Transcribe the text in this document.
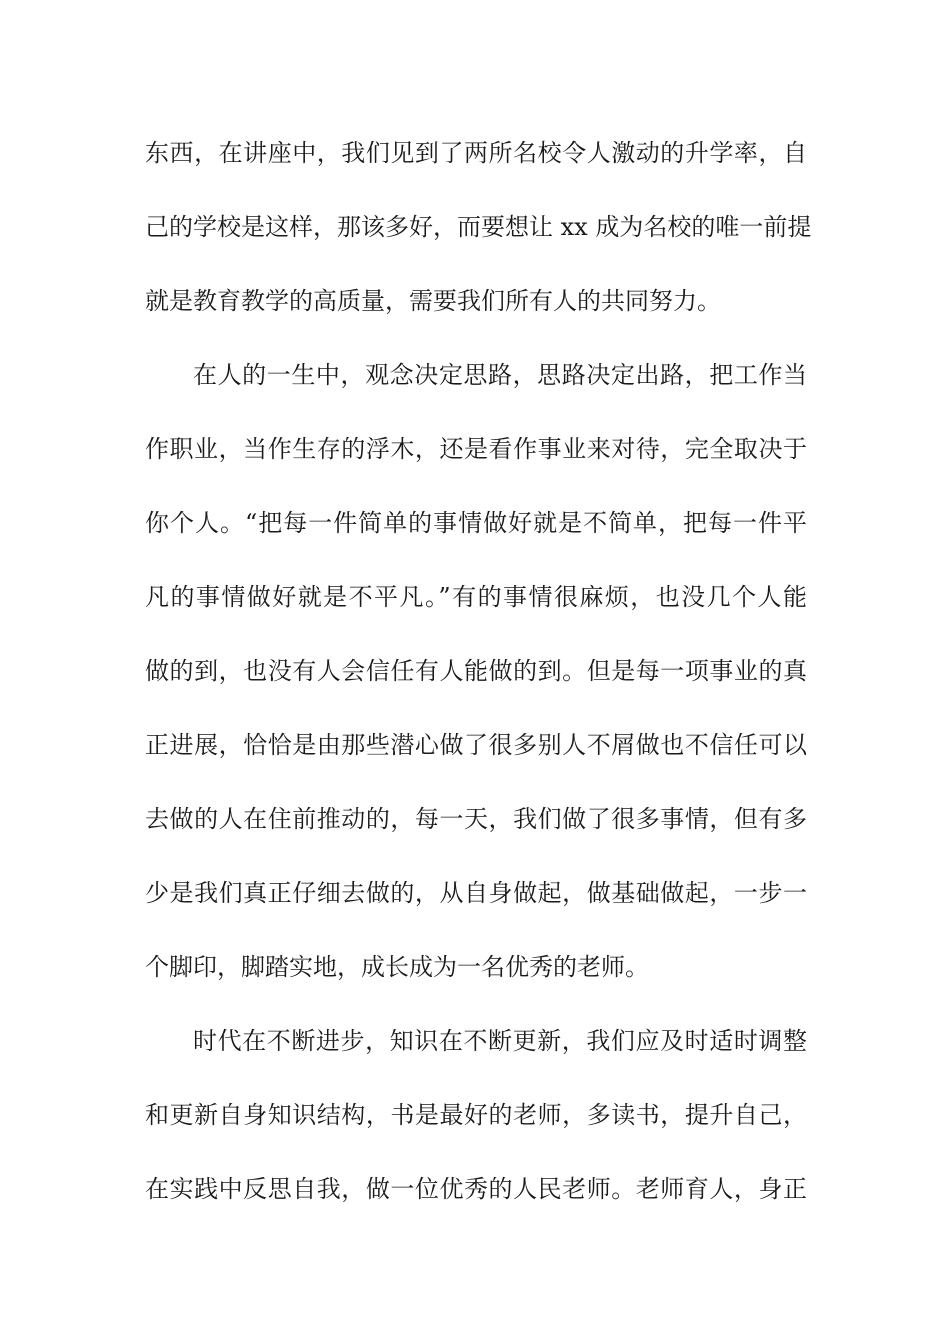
东西，在讲座中，我们见到了两所名校令人激动的升学率，自
己的学校是这样，那该多好，而要想让 xx 成为名校的唯一前提
就是教育教学的高质量，需要我们所有人的共同努力。
在人的一生中，观念决定思路，思路决定出路，把工作当
作职业，当作生存的浮木，还是看作事业来对待，完全取决于
你个人。“把每一件简单的事情做好就是不简单，把每一件平
凡的事情做好就是不平凡。”有的事情很麻烦，也没几个人能
做的到，也没有人会信任有人能做的到。但是每一项事业的真
正进展，恰恰是由那些潜心做了很多别人不屑做也不信任可以
去做的人在住前推动的，每一天，我们做了很多事情，但有多
少是我们真正仔细去做的，从自身做起，做基础做起，一步一
个脚印，脚踏实地，成长成为一名优秀的老师。
时代在不断进步，知识在不断更新，我们应及时适时调整
和更新自身知识结构，书是最好的老师，多读书，提升自己，
在实践中反思自我，做一位优秀的人民老师。老师育人，身正
